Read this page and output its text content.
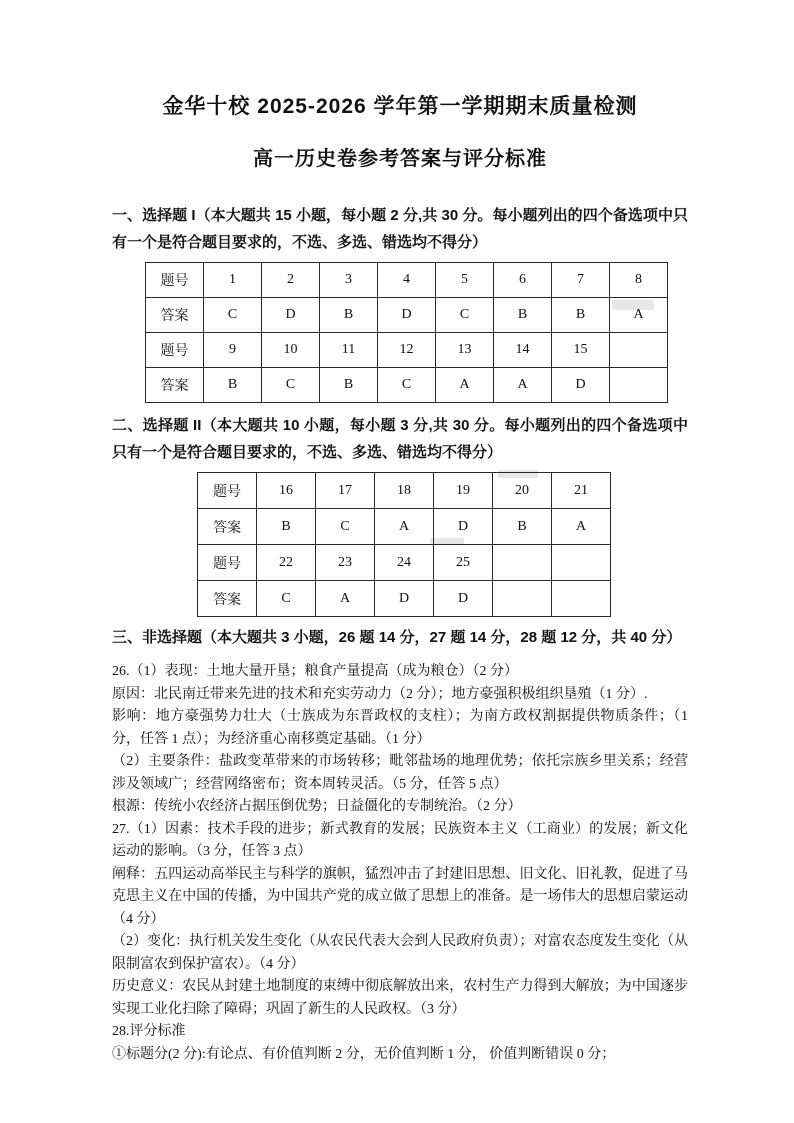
金华十校 2025-2026 学年第一学期期末质量检测
高一历史卷参考答案与评分标准

一、选择题 I（本大题共 15 小题，每小题 2 分,共 30 分。每小题列出的四个备选项中只有一个是符合题目要求的，不选、多选、错选均不得分）

题号	1	2	3	4	5	6	7	8
答案	C	D	B	D	C	B	B	A
题号	9	10	11	12	13	14	15	
答案	B	C	B	C	A	A	D	

二、选择题 II（本大题共 10 小题，每小题 3 分,共 30 分。每小题列出的四个备选项中只有一个是符合题目要求的，不选、多选、错选均不得分）

题号	16	17	18	19	20	21
答案	B	C	A	D	B	A
题号	22	23	24	25		
答案	C	A	D	D		

三、非选择题（本大题共 3 小题，26 题 14 分，27 题 14 分，28 题 12 分，共 40 分）

26.（1）表现：土地大量开垦；粮食产量提高（成为粮仓）（2 分）

原因：北民南迁带来先进的技术和充实劳动力（2 分）；地方豪强积极组织垦殖（1 分）.

影响：地方豪强势力壮大（士族成为东晋政权的支柱）；为南方政权割据提供物质条件；（1 分，任答 1 点）；为经济重心南移奠定基础。（1 分）

（2）主要条件：盐政变革带来的市场转移；毗邻盐场的地理优势；依托宗族乡里关系；经营涉及领域广；经营网络密布；资本周转灵活。（5 分，任答 5 点）

根源：传统小农经济占据压倒优势；日益僵化的专制统治。（2 分）

27.（1）因素：技术手段的进步；新式教育的发展；民族资本主义（工商业）的发展；新文化运动的影响。（3 分，任答 3 点）

阐释：五四运动高举民主与科学的旗帜，猛烈冲击了封建旧思想、旧文化、旧礼教，促进了马克思主义在中国的传播，为中国共产党的成立做了思想上的准备。是一场伟大的思想启蒙运动（4 分）

（2）变化：执行机关发生变化（从农民代表大会到人民政府负责）；对富农态度发生变化（从限制富农到保护富农）。（4 分）

历史意义：农民从封建土地制度的束缚中彻底解放出来，农村生产力得到大解放；为中国逐步实现工业化扫除了障碍；巩固了新生的人民政权。（3 分）

28.评分标准

①标题分(2 分):有论点、有价值判断 2 分，无价值判断 1 分， 价值判断错误 0 分；
